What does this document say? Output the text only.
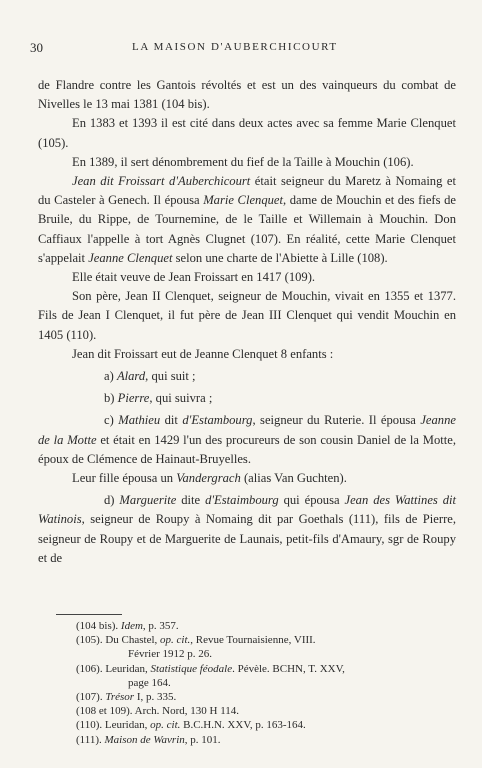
30	LA MAISON D'AUBERCHICOURT

de Flandre contre les Gantois révoltés et est un des vainqueurs du combat de Nivelles le 13 mai 1381 (104 bis).

En 1383 et 1393 il est cité dans deux actes avec sa femme Marie Clenquet (105).

En 1389, il sert dénombrement du fief de la Taille à Mouchin (106).

Jean dit Froissart d'Auberchicourt était seigneur du Maretz à Nomaing et du Casteler à Genech. Il épousa Marie Clenquet, dame de Mouchin et des fiefs de Bruile, du Rippe, de Tournemine, de le Taille et Willemain à Mouchin. Don Caffiaux l'appelle à tort Agnès Clugnet (107). En réalité, cette Marie Clenquet s'appelait Jeanne Clenquet selon une charte de l'Abiette à Lille (108).

Elle était veuve de Jean Froissart en 1417 (109).

Son père, Jean II Clenquet, seigneur de Mouchin, vivait en 1355 et 1377. Fils de Jean I Clenquet, il fut père de Jean III Clenquet qui vendit Mouchin en 1405 (110).

Jean dit Froissart eut de Jeanne Clenquet 8 enfants :

a) Alard, qui suit ;

b) Pierre, qui suivra ;

c) Mathieu dit d'Estambourg, seigneur du Ruterie. Il épousa Jeanne de la Motte et était en 1429 l'un des procureurs de son cousin Daniel de la Motte, époux de Clémence de Hainaut-Bruyelles.

Leur fille épousa un Vandergrach (alias Van Guchten).

d) Marguerite dite d'Estaimbourg qui épousa Jean des Wattines dit Watinois, seigneur de Roupy à Nomaing dit par Goethals (111), fils de Pierre, seigneur de Roupy et de Marguerite de Launais, petit-fils d'Amaury, sgr de Roupy et de

(104 bis). Idem, p. 357.

(105). Du Chastel, op. cit., Revue Tournaisienne, VIII.

Février 1912 p. 26.

(106). Leuridan, Statistique féodale. Pévèle. BCHN, T. XXV,

page 164.

(107). Trésor I, p. 335.

(108 et 109). Arch. Nord, 130 H 114.

(110). Leuridan, op. cit. B.C.H.N. XXV, p. 163-164.

(111). Maison de Wavrin, p. 101.
